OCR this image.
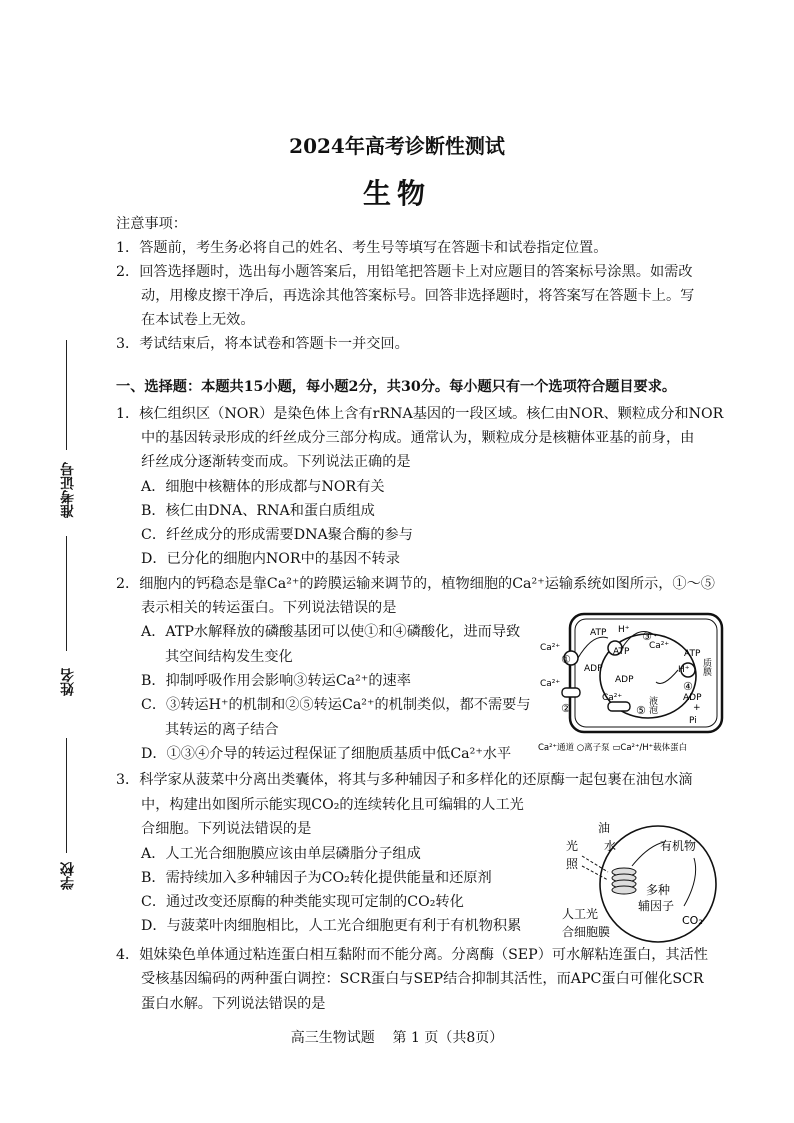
2024年高考诊断性测试
生物
注意事项：
1．答题前，考生务必将自己的姓名、考生号等填写在答题卡和试卷指定位置。
2．回答选择题时，选出每小题答案后，用铅笔把答题卡上对应题目的答案标号涂黑。如需改
动，用橡皮擦干净后，再选涂其他答案标号。回答非选择题时，将答案写在答题卡上。写
在本试卷上无效。
3．考试结束后，将本试卷和答题卡一并交回。
准考证号
姓名
学校
一、选择题：本题共15小题，每小题2分，共30分。每小题只有一个选项符合题目要求。
1．核仁组织区（NOR）是染色体上含有rRNA基因的一段区域。核仁由NOR、颗粒成分和NOR
中的基因转录形成的纤丝成分三部分构成。通常认为，颗粒成分是核糖体亚基的前身，由
纤丝成分逐渐转变而成。下列说法正确的是
A．细胞中核糖体的形成都与NOR有关
B．核仁由DNA、RNA和蛋白质组成
C．纤丝成分的形成需要DNA聚合酶的参与
D．已分化的细胞内NOR中的基因不转录
2．细胞内的钙稳态是靠Ca²⁺的跨膜运输来调节的，植物细胞的Ca²⁺运输系统如图所示，①～⑤
表示相关的转运蛋白。下列说法错误的是
A．ATP水解释放的磷酸基团可以使①和④磷酸化，进而导致
其空间结构发生变化
B．抑制呼吸作用会影响③转运Ca²⁺的速率
C．③转运H⁺的机制和②⑤转运Ca²⁺的机制类似，都不需要与
其转运的离子结合
D．①③④介导的转运过程保证了细胞质基质中低Ca²⁺水平
Ca²⁺
Ca²⁺
①
②
③
④
⑤
ATP
ADP
ATP
ADP
H⁺
Ca²⁺
Ca²⁺	液泡
ATP
H⁺
ADP
+
Pi
质膜
Ca²⁺通道 ○离子泵 ▭Ca²⁺/H⁺载体蛋白
3．科学家从菠菜中分离出类囊体，将其与多种辅因子和多样化的还原酶一起包裹在油包水滴
中，构建出如图所示能实现CO₂的连续转化且可编辑的人工光
合细胞。下列说法错误的是
A．人工光合细胞膜应该由单层磷脂分子组成
B．需持续加入多种辅因子为CO₂转化提供能量和还原剂
C．通过改变还原酶的种类能实现可定制的CO₂转化
D．与菠菜叶肉细胞相比，人工光合细胞更有利于有机物积累
油
水
光
照
有机物
多种
辅因子
CO₂
人工光
合细胞膜
4．姐妹染色单体通过粘连蛋白相互黏附而不能分离。分离酶（SEP）可水解粘连蛋白，其活性
受核基因编码的两种蛋白调控：SCR蛋白与SEP结合抑制其活性，而APC蛋白可催化SCR
蛋白水解。下列说法错误的是
高三生物试题    第 1 页（共8页）
